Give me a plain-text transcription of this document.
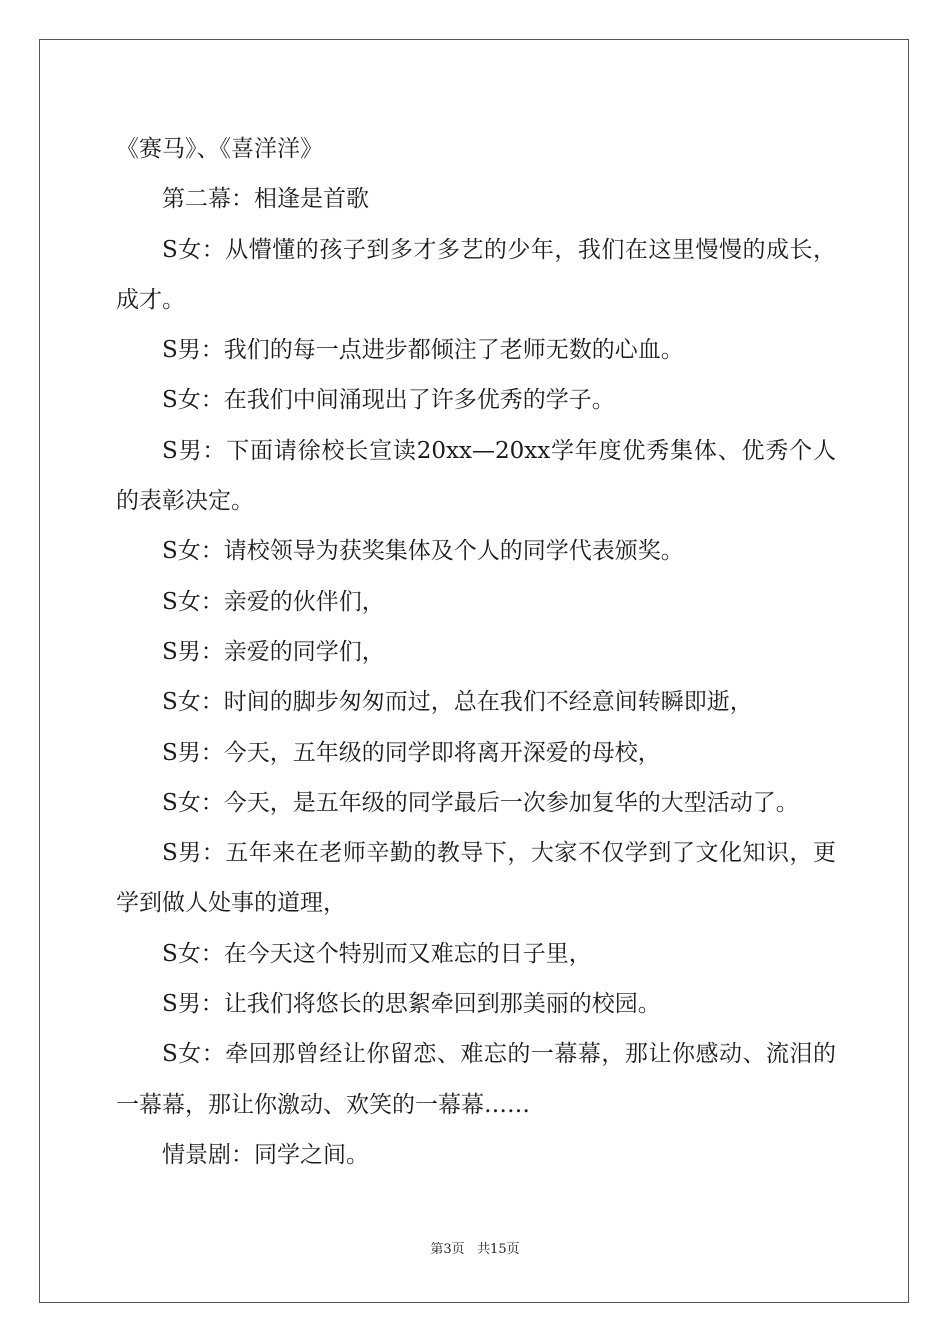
《赛马》、《喜洋洋》

第二幕：相逢是首歌

S女：从懵懂的孩子到多才多艺的少年，我们在这里慢慢的成长，成才。

S男：我们的每一点进步都倾注了老师无数的心血。

S女：在我们中间涌现出了许多优秀的学子。

S男：下面请徐校长宣读20xx—20xx学年度优秀集体、优秀个人的表彰决定。

S女：请校领导为获奖集体及个人的同学代表颁奖。

S女：亲爱的伙伴们，

S男：亲爱的同学们，

S女：时间的脚步匆匆而过，总在我们不经意间转瞬即逝，

S男：今天，五年级的同学即将离开深爱的母校，

S女：今天，是五年级的同学最后一次参加复华的大型活动了。

S男：五年来在老师辛勤的教导下，大家不仅学到了文化知识，更学到做人处事的道理，

S女：在今天这个特别而又难忘的日子里，

S男：让我们将悠长的思絮牵回到那美丽的校园。

S女：牵回那曾经让你留恋、难忘的一幕幕，那让你感动、流泪的一幕幕，那让你激动、欢笑的一幕幕……

情景剧：同学之间。

第3页   共15页
